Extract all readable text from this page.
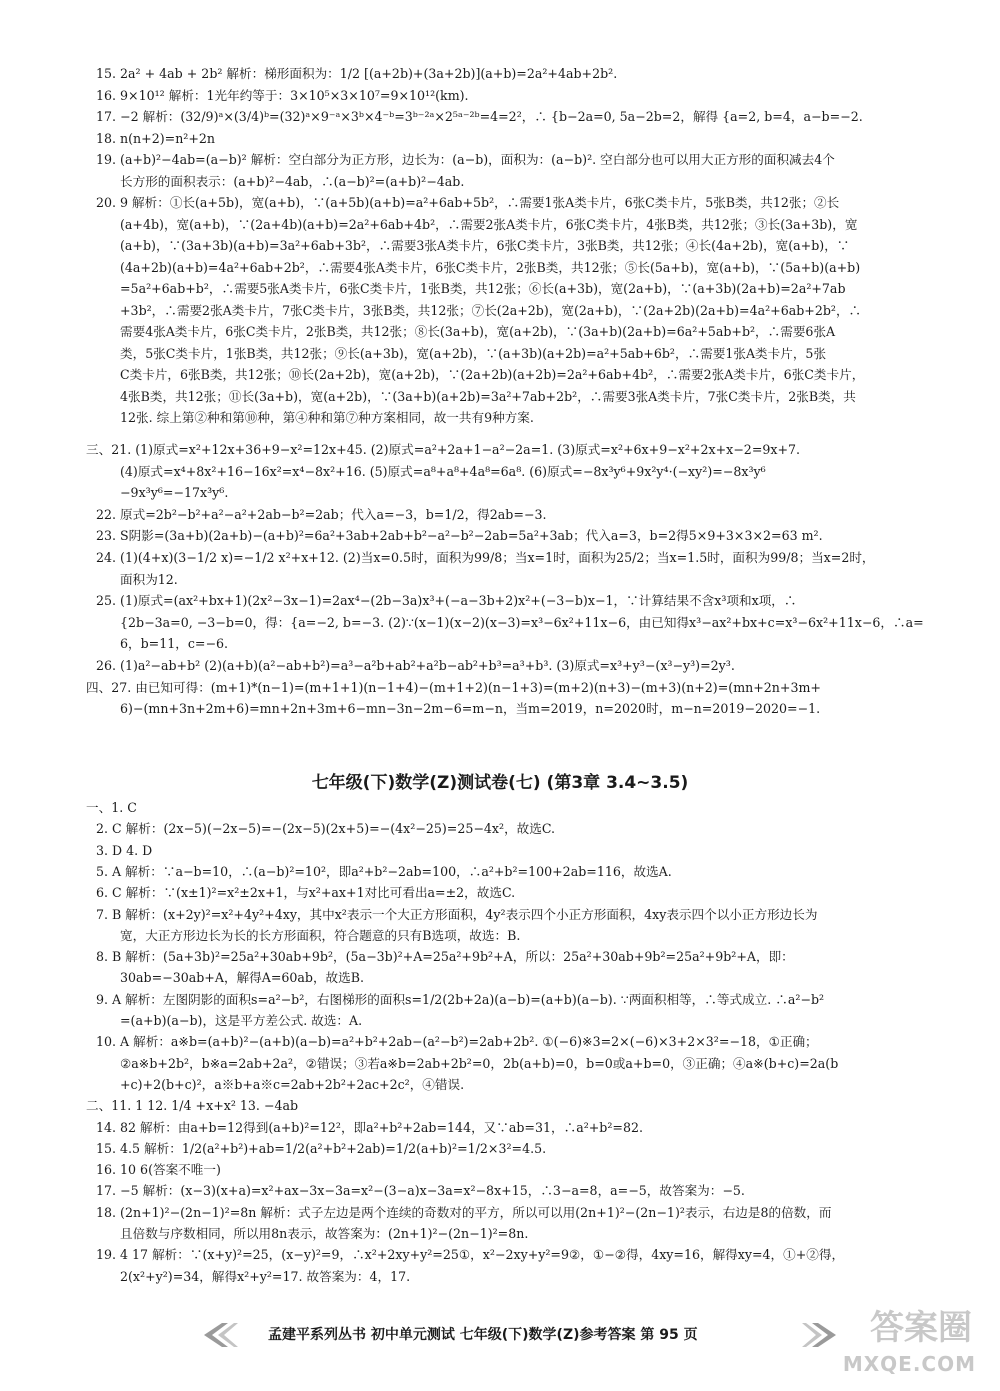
15. 2a² + 4ab + 2b² 解析：梯形面积为：1/2 [(a+2b)+(3a+2b)](a+b)=2a²+4ab+2b².
16. 9×10¹² 解析：1光年约等于：3×10⁵×3×10⁷=9×10¹²(km).
17. −2 解析：(32/9)ᵃ×(3/4)ᵇ=(32)ᵃ×9⁻ᵃ×3ᵇ×4⁻ᵇ=3ᵇ⁻²ᵃ×2⁵ᵃ⁻²ᵇ=4=2²，∴ {b−2a=0, 5a−2b=2，解得 {a=2, b=4，a−b=−2.
18. n(n+2)=n²+2n
19. (a+b)²−4ab=(a−b)² 解析：空白部分为正方形，边长为：(a−b)，面积为：(a−b)². 空白部分也可以用大正方形的面积减去4个
长方形的面积表示：(a+b)²−4ab，∴(a−b)²=(a+b)²−4ab.
20. 9 解析：①长(a+5b)，宽(a+b)，∵(a+5b)(a+b)=a²+6ab+5b²，∴需要1张A类卡片，6张C类卡片，5张B类，共12张；②长
(a+4b)，宽(a+b)，∵(2a+4b)(a+b)=2a²+6ab+4b²，∴需要2张A类卡片，6张C类卡片，4张B类，共12张；③长(3a+3b)，宽
(a+b)，∵(3a+3b)(a+b)=3a²+6ab+3b²，∴需要3张A类卡片，6张C类卡片，3张B类，共12张；④长(4a+2b)，宽(a+b)，∵
(4a+2b)(a+b)=4a²+6ab+2b²，∴需要4张A类卡片，6张C类卡片，2张B类，共12张；⑤长(5a+b)，宽(a+b)，∵(5a+b)(a+b)
=5a²+6ab+b²，∴需要5张A类卡片，6张C类卡片，1张B类，共12张；⑥长(a+3b)，宽(2a+b)，∵(a+3b)(2a+b)=2a²+7ab
+3b²，∴需要2张A类卡片，7张C类卡片，3张B类，共12张；⑦长(2a+2b)，宽(2a+b)，∵(2a+2b)(2a+b)=4a²+6ab+2b²，∴
需要4张A类卡片，6张C类卡片，2张B类，共12张；⑧长(3a+b)，宽(a+2b)，∵(3a+b)(2a+b)=6a²+5ab+b²，∴需要6张A
类，5张C类卡片，1张B类，共12张；⑨长(a+3b)，宽(a+2b)，∵(a+3b)(a+2b)=a²+5ab+6b²，∴需要1张A类卡片，5张
C类卡片，6张B类，共12张；⑩长(2a+2b)，宽(a+2b)，∵(2a+2b)(a+2b)=2a²+6ab+4b²，∴需要2张A类卡片，6张C类卡片，
4张B类，共12张；⑪长(3a+b)，宽(a+2b)，∵(3a+b)(a+2b)=3a²+7ab+2b²，∴需要3张A类卡片，7张C类卡片，2张B类，共
12张. 综上第②种和第⑩种，第④种和第⑦种方案相同，故一共有9种方案.
七年级(下)数学(Z)测试卷(七) (第3章 3.4~3.5)
三、21. (1)原式=x²+12x+36+9−x²=12x+45. (2)原式=a²+2a+1−a²−2a=1. (3)原式=x²+6x+9−x²+2x+x−2=9x+7.
(4)原式=x⁴+8x²+16−16x²=x⁴−8x²+16. (5)原式=a⁸+a⁸+4a⁸=6a⁸. (6)原式=−8x³y⁶+9x²y⁴·(−xy²)=−8x³y⁶
−9x³y⁶=−17x³y⁶.
22. 原式=2b²−b²+a²−a²+2ab−b²=2ab；代入a=−3，b=1/2，得2ab=−3.
23. S阴影=(3a+b)(2a+b)−(a+b)²=6a²+3ab+2ab+b²−a²−b²−2ab=5a²+3ab；代入a=3，b=2得5×9+3×3×2=63 m².
24. (1)(4+x)(3−1/2 x)=−1/2 x²+x+12. (2)当x=0.5时，面积为99/8；当x=1时，面积为25/2；当x=1.5时，面积为99/8；当x=2时，
面积为12.
25. (1)原式=(ax²+bx+1)(2x²−3x−1)=2ax⁴−(2b−3a)x³+(−a−3b+2)x²+(−3−b)x−1，∵计算结果不含x³项和x项，∴
{2b−3a=0, −3−b=0，得：{a=−2, b=−3. (2)∵(x−1)(x−2)(x−3)=x³−6x²+11x−6，由已知得x³−ax²+bx+c=x³−6x²+11x−6，∴a=
6，b=11，c=−6.
26. (1)a²−ab+b² (2)(a+b)(a²−ab+b²)=a³−a²b+ab²+a²b−ab²+b³=a³+b³. (3)原式=x³+y³−(x³−y³)=2y³.
四、27. 由已知可得：(m+1)*(n−1)=(m+1+1)(n−1+4)−(m+1+2)(n−1+3)=(m+2)(n+3)−(m+3)(n+2)=(mn+2n+3m+
6)−(mn+3n+2m+6)=mn+2n+3m+6−mn−3n−2m−6=m−n，当m=2019，n=2020时，m−n=2019−2020=−1.
孟建平系列丛书 初中单元测试 七年级(下)数学(Z)参考答案 第 95 页	答案圈
MXQE.COM
一、1. C
2. C 解析：(2x−5)(−2x−5)=−(2x−5)(2x+5)=−(4x²−25)=25−4x²，故选C.
3. D 4. D
5. A 解析：∵a−b=10，∴(a−b)²=10²，即a²+b²−2ab=100，∴a²+b²=100+2ab=116，故选A.
6. C 解析：∵(x±1)²=x²±2x+1，与x²+ax+1对比可看出a=±2，故选C.
7. B 解析：(x+2y)²=x²+4y²+4xy，其中x²表示一个大正方形面积，4y²表示四个小正方形面积，4xy表示四个以小正方形边长为
宽，大正方形边长为长的长方形面积，符合题意的只有B选项，故选：B.
8. B 解析：(5a+3b)²=25a²+30ab+9b²，(5a−3b)²+A=25a²+9b²+A，所以：25a²+30ab+9b²=25a²+9b²+A，即：
30ab=−30ab+A，解得A=60ab，故选B.
9. A 解析：左图阴影的面积s=a²−b²，右图梯形的面积s=1/2(2b+2a)(a−b)=(a+b)(a−b). ∵两面积相等，∴等式成立. ∴a²−b²
=(a+b)(a−b)，这是平方差公式. 故选：A.
10. A 解析：a※b=(a+b)²−(a+b)(a−b)=a²+b²+2ab−(a²−b²)=2ab+2b². ①(−6)※3=2×(−6)×3+2×3²=−18，①正确；
②a※b+2b²，b※a=2ab+2a²，②错误；③若a※b=2ab+2b²=0，2b(a+b)=0，b=0或a+b=0，③正确；④a※(b+c)=2a(b
+c)+2(b+c)²，a※b+a※c=2ab+2b²+2ac+2c²，④错误.
二、11. 1 12. 1/4 +x+x² 13. −4ab
14. 82 解析：由a+b=12得到(a+b)²=12²，即a²+b²+2ab=144，又∵ab=31，∴a²+b²=82.
15. 4.5 解析：1/2(a²+b²)+ab=1/2(a²+b²+2ab)=1/2(a+b)²=1/2×3²=4.5.
16. 10 6(答案不唯一)
17. −5 解析：(x−3)(x+a)=x²+ax−3x−3a=x²−(3−a)x−3a=x²−8x+15，∴3−a=8，a=−5，故答案为：−5.
18. (2n+1)²−(2n−1)²=8n 解析：式子左边是两个连续的奇数对的平方，所以可以用(2n+1)²−(2n−1)²表示，右边是8的倍数，而
且倍数与序数相同，所以用8n表示，故答案为：(2n+1)²−(2n−1)²=8n.
19. 4 17 解析：∵(x+y)²=25，(x−y)²=9，∴x²+2xy+y²=25①，x²−2xy+y²=9②，①−②得，4xy=16，解得xy=4，①+②得，
2(x²+y²)=34，解得x²+y²=17. 故答案为：4，17.
